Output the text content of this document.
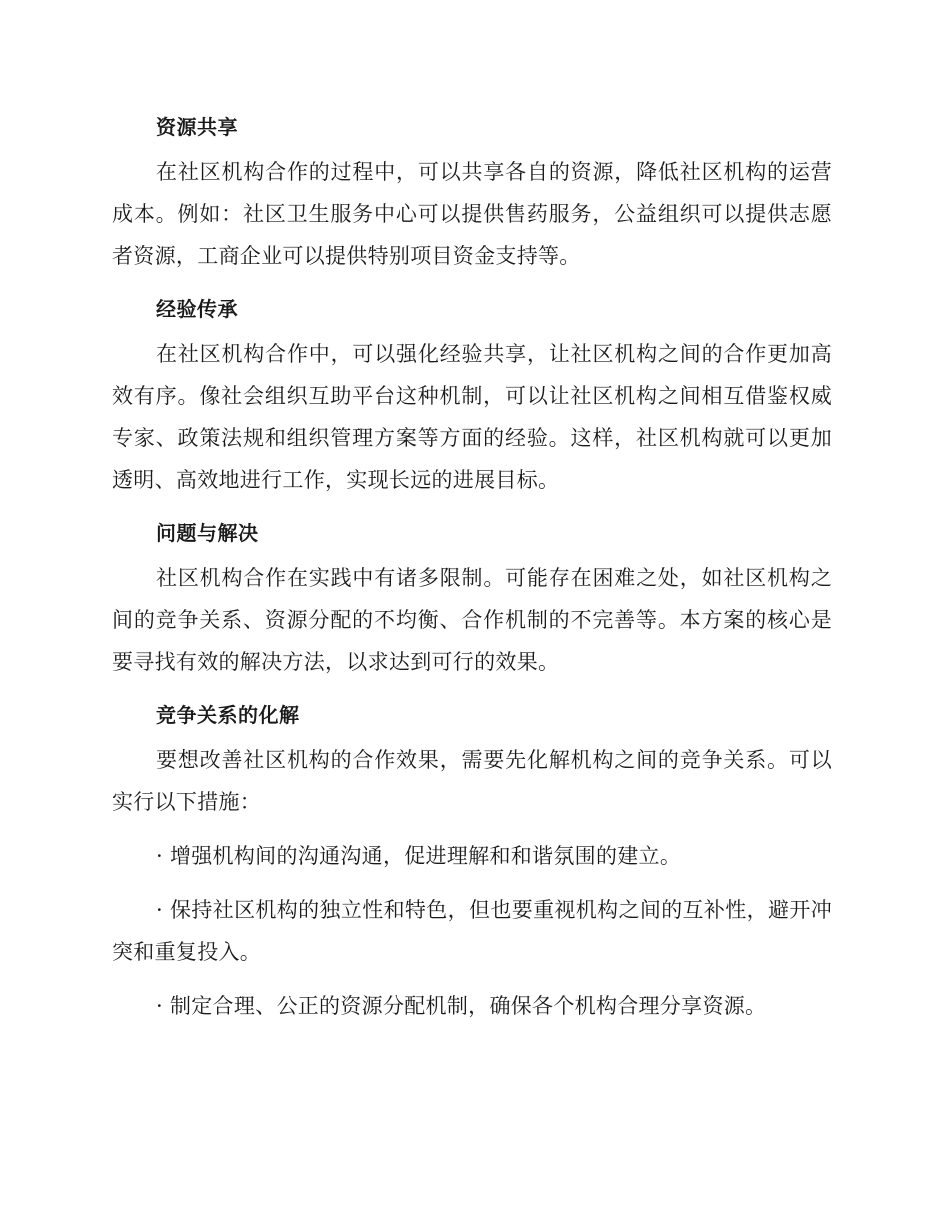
资源共享

在社区机构合作的过程中，可以共享各自的资源，降低社区机构的运营成本。例如：社区卫生服务中心可以提供售药服务，公益组织可以提供志愿者资源，工商企业可以提供特别项目资金支持等。

经验传承

在社区机构合作中，可以强化经验共享，让社区机构之间的合作更加高效有序。像社会组织互助平台这种机制，可以让社区机构之间相互借鉴权威专家、政策法规和组织管理方案等方面的经验。这样，社区机构就可以更加透明、高效地进行工作，实现长远的进展目标。

问题与解决

社区机构合作在实践中有诸多限制。可能存在困难之处，如社区机构之间的竞争关系、资源分配的不均衡、合作机制的不完善等。本方案的核心是要寻找有效的解决方法，以求达到可行的效果。

竞争关系的化解

要想改善社区机构的合作效果，需要先化解机构之间的竞争关系。可以实行以下措施：

· 增强机构间的沟通沟通，促进理解和和谐氛围的建立。

· 保持社区机构的独立性和特色，但也要重视机构之间的互补性，避开冲突和重复投入。

· 制定合理、公正的资源分配机制，确保各个机构合理分享资源。
